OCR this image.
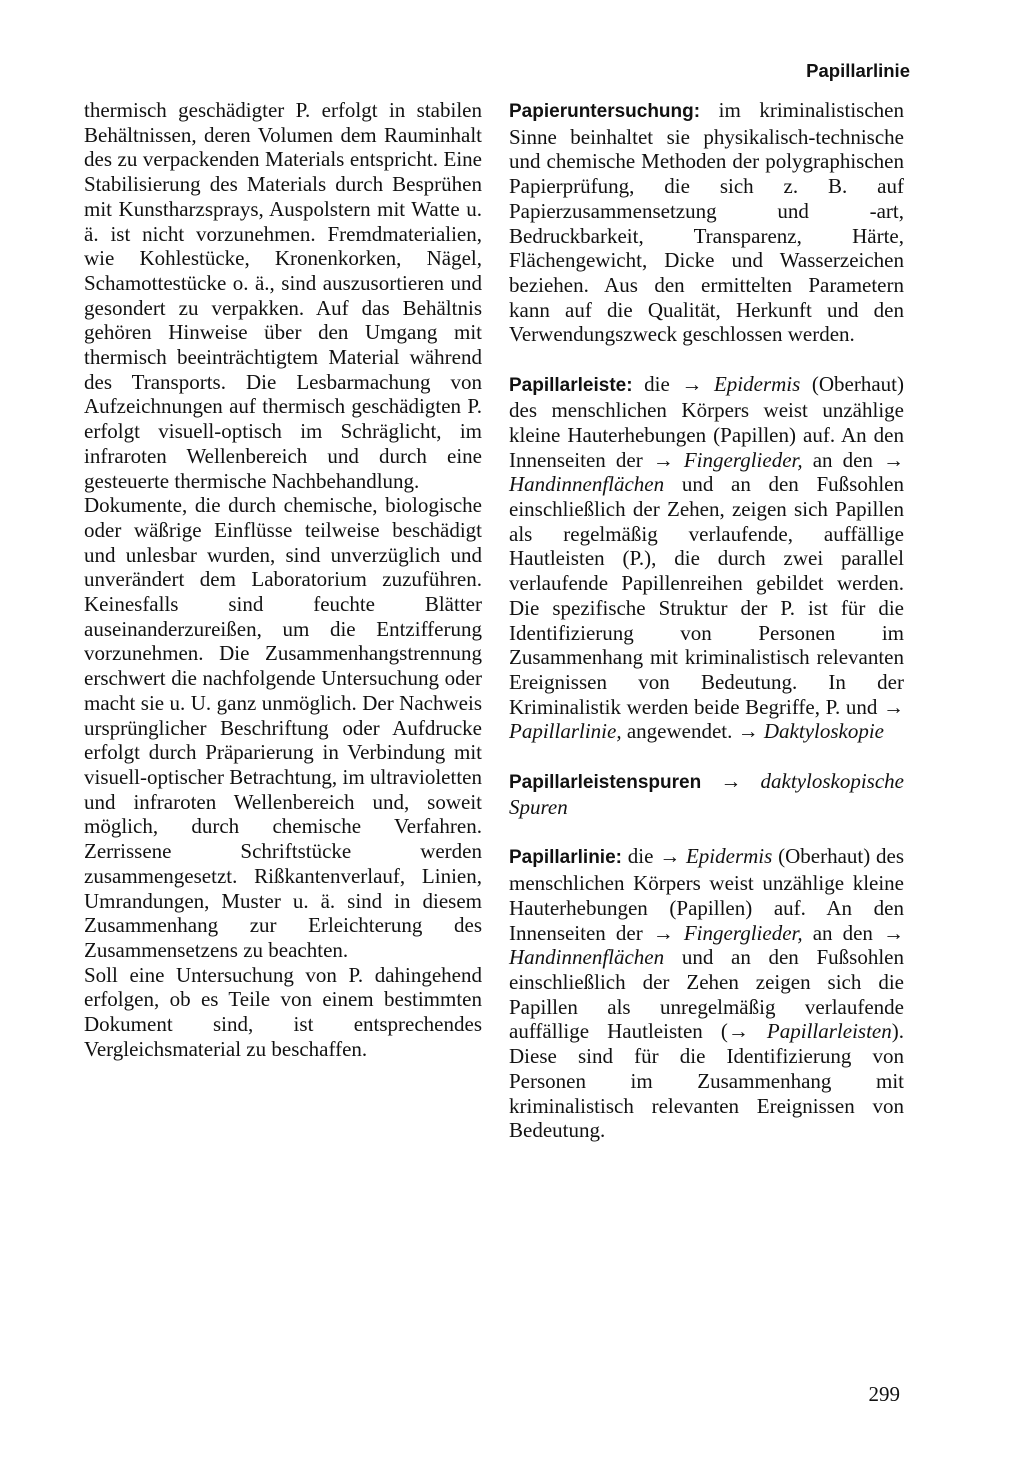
Papillarlinie

thermisch geschädigter P. erfolgt in stabilen Behältnissen, deren Volumen dem Rauminhalt des zu verpackenden Materials entspricht. Eine Stabilisierung des Materials durch Besprühen mit Kunstharzsprays, Auspolstern mit Watte u. ä. ist nicht vorzunehmen. Fremdmaterialien, wie Kohlestücke, Kronenkorken, Nägel, Schamottestücke o. ä., sind auszusortieren und gesondert zu verpakken. Auf das Behältnis gehören Hinweise über den Umgang mit thermisch beeinträchtigtem Material während des Transports. Die Lesbarmachung von Aufzeichnungen auf thermisch geschädigten P. erfolgt visuell-optisch im Schräglicht, im infraroten Wellenbereich und durch eine gesteuerte thermische Nachbehandlung.

Dokumente, die durch chemische, biologische oder wäßrige Einflüsse teilweise beschädigt und unlesbar wurden, sind unverzüglich und unverändert dem Laboratorium zuzuführen. Keinesfalls sind feuchte Blätter auseinanderzureißen, um die Entzifferung vorzunehmen. Die Zusammenhangstrennung erschwert die nachfolgende Untersuchung oder macht sie u. U. ganz unmöglich. Der Nachweis ursprünglicher Beschriftung oder Aufdrucke erfolgt durch Präparierung in Verbindung mit visuell-optischer Betrachtung, im ultravioletten und infraroten Wellenbereich und, soweit möglich, durch chemische Verfahren. Zerrissene Schriftstücke werden zusammengesetzt. Rißkantenverlauf, Linien, Umrandungen, Muster u. ä. sind in diesem Zusammenhang zur Erleichterung des Zusammensetzens zu beachten.

Soll eine Untersuchung von P. dahingehend erfolgen, ob es Teile von einem bestimmten Dokument sind, ist entsprechendes Vergleichsmaterial zu beschaffen.

Papieruntersuchung: im kriminalistischen Sinne beinhaltet sie physikalisch-technische und chemische Methoden der polygraphischen Papierprüfung, die sich z. B. auf Papierzusammensetzung und -art, Bedruckbarkeit, Transparenz, Härte, Flächengewicht, Dicke und Wasserzeichen beziehen. Aus den ermittelten Parametern kann auf die Qualität, Herkunft und den Verwendungszweck geschlossen werden.

Papillarleiste: die → Epidermis (Oberhaut) des menschlichen Körpers weist unzählige kleine Hauterhebungen (Papillen) auf. An den Innenseiten der → Fingerglieder, an den → Handinnenflächen und an den Fußsohlen einschließlich der Zehen, zeigen sich Papillen als regelmäßig verlaufende, auffällige Hautleisten (P.), die durch zwei parallel verlaufende Papillenreihen gebildet werden. Die spezifische Struktur der P. ist für die Identifizierung von Personen im Zusammenhang mit kriminalistisch relevanten Ereignissen von Bedeutung. In der Kriminalistik werden beide Begriffe, P. und → Papillarlinie, angewendet. → Daktyloskopie

Papillarleistenspuren → daktyloskopische Spuren

Papillarlinie: die → Epidermis (Oberhaut) des menschlichen Körpers weist unzählige kleine Hauterhebungen (Papillen) auf. An den Innenseiten der → Fingerglieder, an den → Handinnenflächen und an den Fußsohlen einschließlich der Zehen zeigen sich die Papillen als unregelmäßig verlaufende auffällige Hautleisten (→ Papillarleisten). Diese sind für die Identifizierung von Personen im Zusammenhang mit kriminalistisch relevanten Ereignissen von Bedeutung.

299
